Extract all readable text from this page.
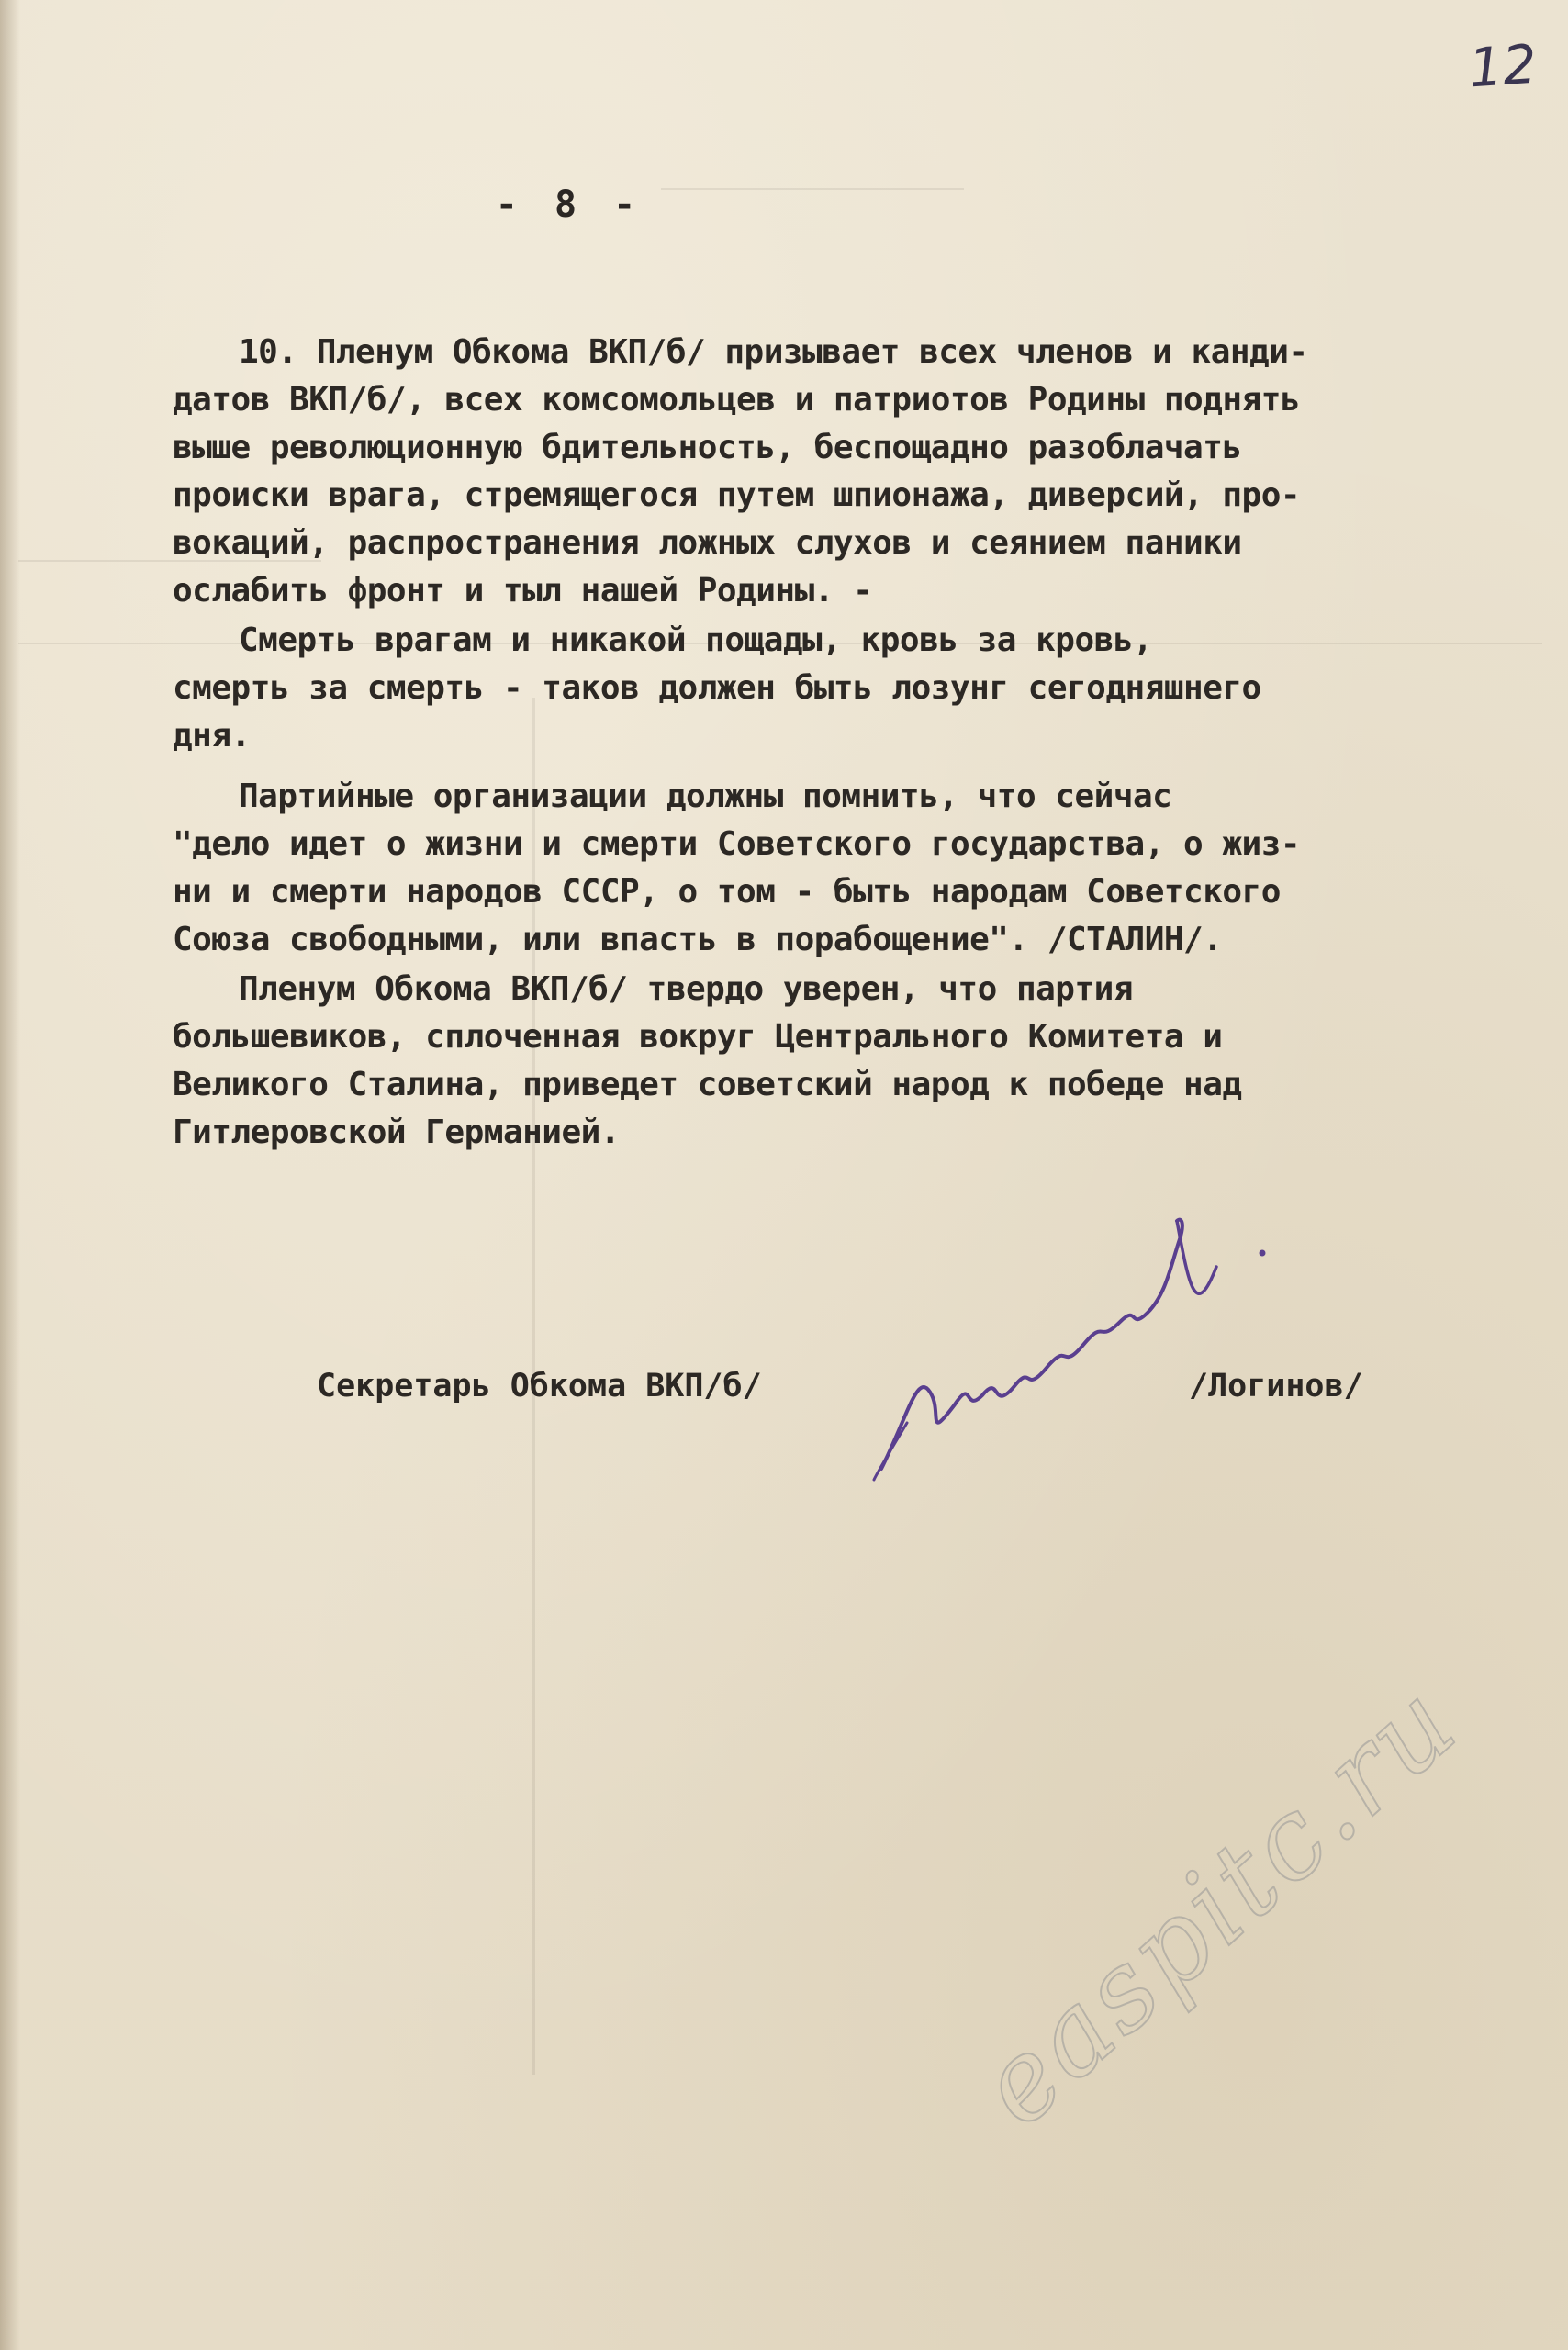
12
- 8 -
10. Пленум Обкома ВКП/б/ призывает всех членов и канди-
датов ВКП/б/, всех комсомольцев и патриотов Родины поднять
выше революционную бдительность, беспощадно разоблачать
происки врага, стремящегося путем шпионажа, диверсий, про-
вокаций, распространения ложных слухов и сеянием паники
ослабить фронт и тыл нашей Родины. -
Смерть врагам и никакой пощады, кровь за кровь,
смерть за смерть - таков должен быть лозунг сегодняшнего
дня.
Партийные организации должны помнить, что сейчас
"дело идет о жизни и смерти Советского государства, о жиз-
ни и смерти народов СССР, о том - быть народам Советского
Союза свободными, или впасть в порабощение". /СТАЛИН/.
Пленум Обкома ВКП/б/ твердо уверен, что партия
большевиков, сплоченная вокруг Центрального Комитета и
Великого Сталина, приведет советский народ к победе над
Гитлеровской Германией.
Секретарь Обкома ВКП/б/	/Логинов/
easpitc.ru
